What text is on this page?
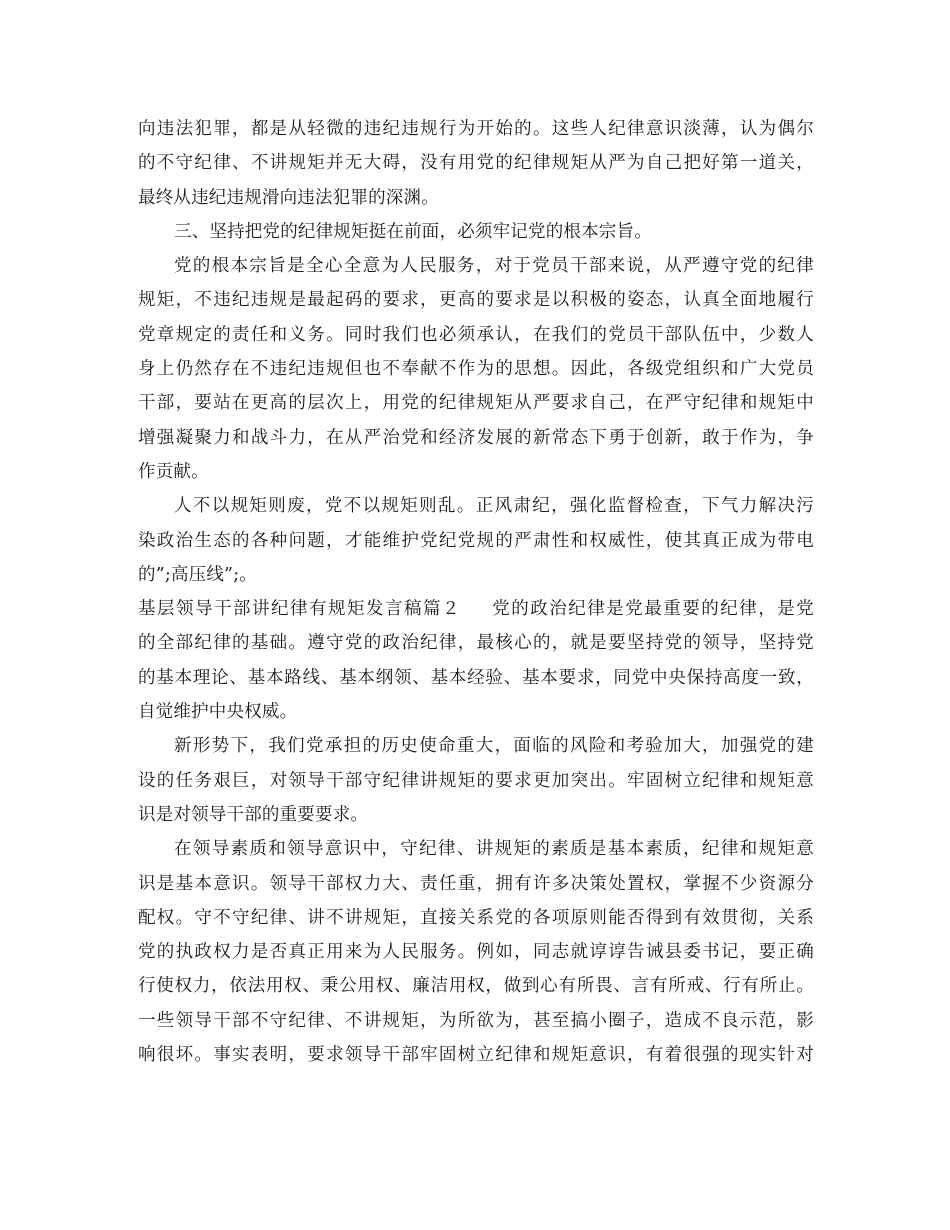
向违法犯罪，都是从轻微的违纪违规行为开始的。这些人纪律意识淡薄，认为偶尔
的不守纪律、不讲规矩并无大碍，没有用党的纪律规矩从严为自己把好第一道关，
最终从违纪违规滑向违法犯罪的深渊。
三、坚持把党的纪律规矩挺在前面，必须牢记党的根本宗旨。
党的根本宗旨是全心全意为人民服务，对于党员干部来说，从严遵守党的纪律
规矩，不违纪违规是最起码的要求，更高的要求是以积极的姿态，认真全面地履行
党章规定的责任和义务。同时我们也必须承认，在我们的党员干部队伍中，少数人
身上仍然存在不违纪违规但也不奉献不作为的思想。因此，各级党组织和广大党员
干部，要站在更高的层次上，用党的纪律规矩从严要求自己，在严守纪律和规矩中
增强凝聚力和战斗力，在从严治党和经济发展的新常态下勇于创新，敢于作为，争
作贡献。
人不以规矩则废，党不以规矩则乱。正风肃纪，强化监督检查，下气力解决污
染政治生态的各种问题，才能维护党纪党规的严肃性和权威性，使其真正成为带电
的”;高压线”;。
基层领导干部讲纪律有规矩发言稿篇２ 党的政治纪律是党最重要的纪律，是党
的全部纪律的基础。遵守党的政治纪律，最核心的，就是要坚持党的领导，坚持党
的基本理论、基本路线、基本纲领、基本经验、基本要求，同党中央保持高度一致，
自觉维护中央权威。
新形势下，我们党承担的历史使命重大，面临的风险和考验加大，加强党的建
设的任务艰巨，对领导干部守纪律讲规矩的要求更加突出。牢固树立纪律和规矩意
识是对领导干部的重要要求。
在领导素质和领导意识中，守纪律、讲规矩的素质是基本素质，纪律和规矩意
识是基本意识。领导干部权力大、责任重，拥有许多决策处置权，掌握不少资源分
配权。守不守纪律、讲不讲规矩，直接关系党的各项原则能否得到有效贯彻，关系
党的执政权力是否真正用来为人民服务。例如，同志就谆谆告诫县委书记，要正确
行使权力，依法用权、秉公用权、廉洁用权，做到心有所畏、言有所戒、行有所止。
一些领导干部不守纪律、不讲规矩，为所欲为，甚至搞小圈子，造成不良示范，影
响很坏。事实表明，要求领导干部牢固树立纪律和规矩意识，有着很强的现实针对
